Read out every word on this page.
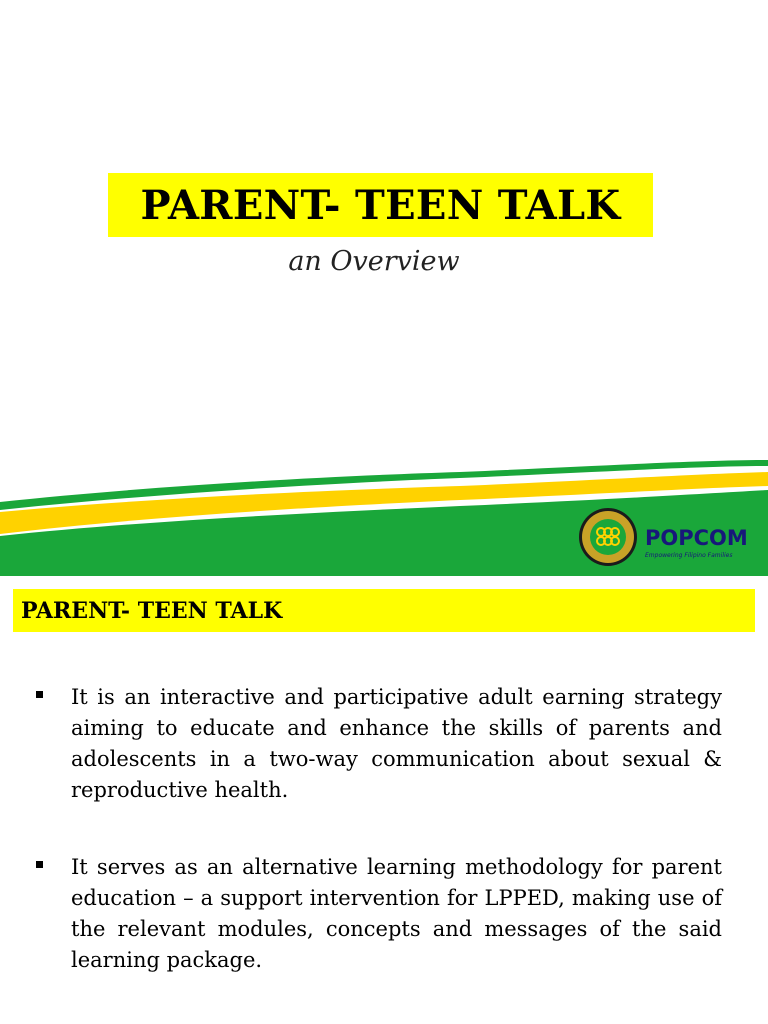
PARENT- TEEN TALK
an Overview
POPCOM
Empowering Filipino Families
PARENT- TEEN TALK
It is an interactive and participative adult earning strategy aiming to educate and enhance the skills of parents and adolescents in a two-way communication about sexual & reproductive health.
It serves as an alternative learning methodology for parent education – a support intervention for LPPED, making use of the relevant modules, concepts and messages of the said learning package.
